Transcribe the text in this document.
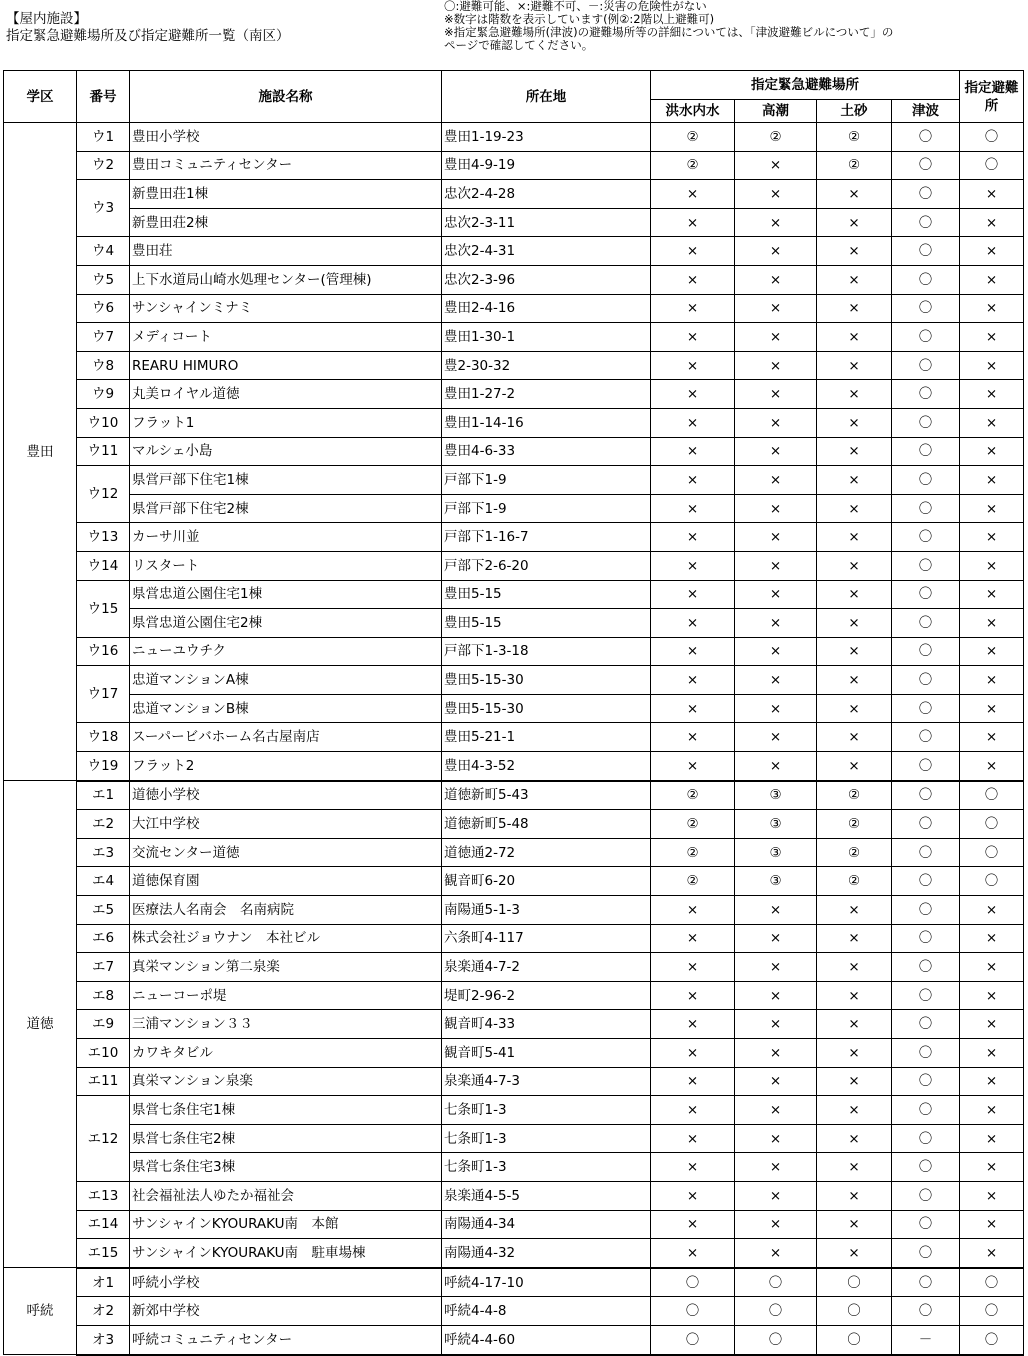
【屋内施設】
指定緊急避難場所及び指定避難所一覧（南区）
〇:避難可能、×:避難不可、－:災害の危険性がない
※数字は階数を表示しています(例②:2階以上避難可)
※指定緊急避難場所(津波)の避難場所等の詳細については、「津波避難ビルについて」の
ページで確認してください。
学区	番号	施設名称	所在地	指定緊急避難場所				指定避難所
				洪水内水	高潮	土砂	津波	
豊田	ウ1	豊田小学校	豊田1-19-23	②	②	②	〇	〇
	ウ2	豊田コミュニティセンター	豊田4-9-19	②	×	②	〇	〇
	ウ3	新豊田荘1棟	忠次2-4-28	×	×	×	〇	×
		新豊田荘2棟	忠次2-3-11	×	×	×	〇	×
	ウ4	豊田荘	忠次2-4-31	×	×	×	〇	×
	ウ5	上下水道局山崎水処理センター(管理棟)	忠次2-3-96	×	×	×	〇	×
	ウ6	サンシャインミナミ	豊田2-4-16	×	×	×	〇	×
	ウ7	メディコート	豊田1-30-1	×	×	×	〇	×
	ウ8	REARU HIMURO	豊2-30-32	×	×	×	〇	×
	ウ9	丸美ロイヤル道徳	豊田1-27-2	×	×	×	〇	×
	ウ10	フラット1	豊田1-14-16	×	×	×	〇	×
	ウ11	マルシェ小島	豊田4-6-33	×	×	×	〇	×
	ウ12	県営戸部下住宅1棟	戸部下1-9	×	×	×	〇	×
		県営戸部下住宅2棟	戸部下1-9	×	×	×	〇	×
	ウ13	カーサ川並	戸部下1-16-7	×	×	×	〇	×
	ウ14	リスタート	戸部下2-6-20	×	×	×	〇	×
	ウ15	県営忠道公園住宅1棟	豊田5-15	×	×	×	〇	×
		県営忠道公園住宅2棟	豊田5-15	×	×	×	〇	×
	ウ16	ニューユウチク	戸部下1-3-18	×	×	×	〇	×
	ウ17	忠道マンションA棟	豊田5-15-30	×	×	×	〇	×
		忠道マンションB棟	豊田5-15-30	×	×	×	〇	×
	ウ18	スーパービバホーム名古屋南店	豊田5-21-1	×	×	×	〇	×
	ウ19	フラット2	豊田4-3-52	×	×	×	〇	×
道徳	エ1	道徳小学校	道徳新町5-43	②	③	②	〇	〇
	エ2	大江中学校	道徳新町5-48	②	③	②	〇	〇
	エ3	交流センター道徳	道徳通2-72	②	③	②	〇	〇
	エ4	道徳保育園	観音町6-20	②	③	②	〇	〇
	エ5	医療法人名南会　名南病院	南陽通5-1-3	×	×	×	〇	×
	エ6	株式会社ジョウナン　本社ビル	六条町4-117	×	×	×	〇	×
	エ7	真栄マンション第二泉楽	泉楽通4-7-2	×	×	×	〇	×
	エ8	ニューコーポ堤	堤町2-96-2	×	×	×	〇	×
	エ9	三浦マンション３３	観音町4-33	×	×	×	〇	×
	エ10	カワキタビル	観音町5-41	×	×	×	〇	×
	エ11	真栄マンション泉楽	泉楽通4-7-3	×	×	×	〇	×
	エ12	県営七条住宅1棟	七条町1-3	×	×	×	〇	×
		県営七条住宅2棟	七条町1-3	×	×	×	〇	×
		県営七条住宅3棟	七条町1-3	×	×	×	〇	×
	エ13	社会福祉法人ゆたか福祉会	泉楽通4-5-5	×	×	×	〇	×
	エ14	サンシャインKYOURAKU南　本館	南陽通4-34	×	×	×	〇	×
	エ15	サンシャインKYOURAKU南　駐車場棟	南陽通4-32	×	×	×	〇	×
呼続	オ1	呼続小学校	呼続4-17-10	〇	〇	〇	〇	〇
	オ2	新郊中学校	呼続4-4-8	〇	〇	〇	〇	〇
	オ3	呼続コミュニティセンター	呼続4-4-60	〇	〇	〇	－	〇
